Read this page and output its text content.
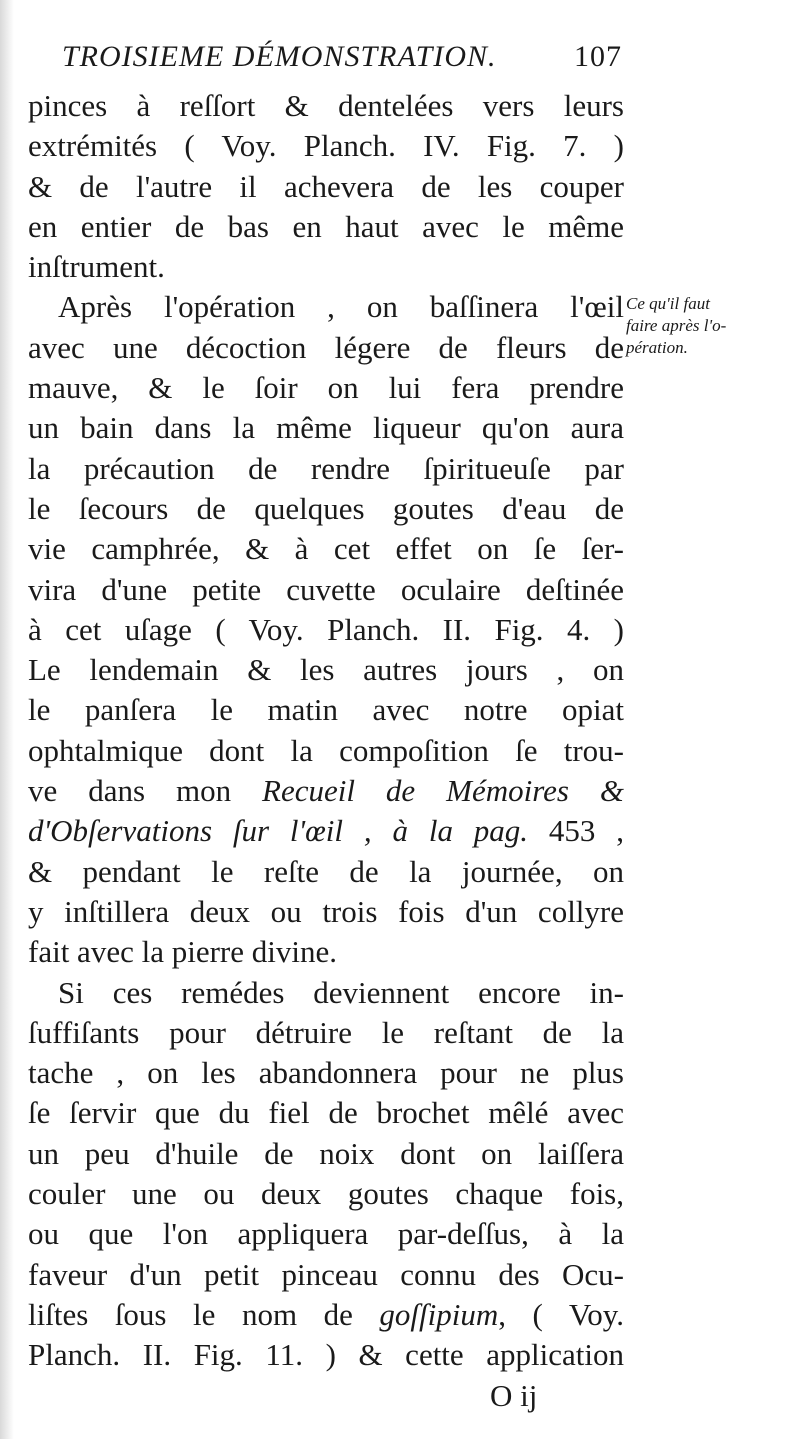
TROISIEME DÉMONSTRATION.	107
pinces à reſſort & dentelées vers leurs
extrémités ( Voy. Planch. IV. Fig. 7. )
& de l'autre il achevera de les couper
en entier de bas en haut avec le même
inſtrument.
Après l'opération , on baſſinera l'œil
avec une décoction légere de fleurs de
mauve, & le ſoir on lui fera prendre
un bain dans la même liqueur qu'on aura
la précaution de rendre ſpiritueuſe par
le ſecours de quelques goutes d'eau de
vie camphrée, & à cet effet on ſe ſer-
vira d'une petite cuvette oculaire deſtinée
à cet uſage ( Voy. Planch. II. Fig. 4. )
Le lendemain & les autres jours , on
le panſera le matin avec notre opiat
ophtalmique dont la compoſition ſe trou-
ve dans mon Recueil de Mémoires &
d'Obſervations ſur l'œil , à la pag. 453 ,
& pendant le reſte de la journée, on
y inſtillera deux ou trois fois d'un collyre
fait avec la pierre divine.
Si ces remédes deviennent encore in-
ſuffiſants pour détruire le reſtant de la
tache , on les abandonnera pour ne plus
ſe ſervir que du fiel de brochet mêlé avec
un peu d'huile de noix dont on laiſſera
couler une ou deux goutes chaque fois,
ou que l'on appliquera par-deſſus, à la
faveur d'un petit pinceau connu des Ocu-
liſtes ſous le nom de goſſipium, ( Voy.
Planch. II. Fig. 11. ) & cette application
Ce qu'il faut
faire après l'o-
pération.
O ij
